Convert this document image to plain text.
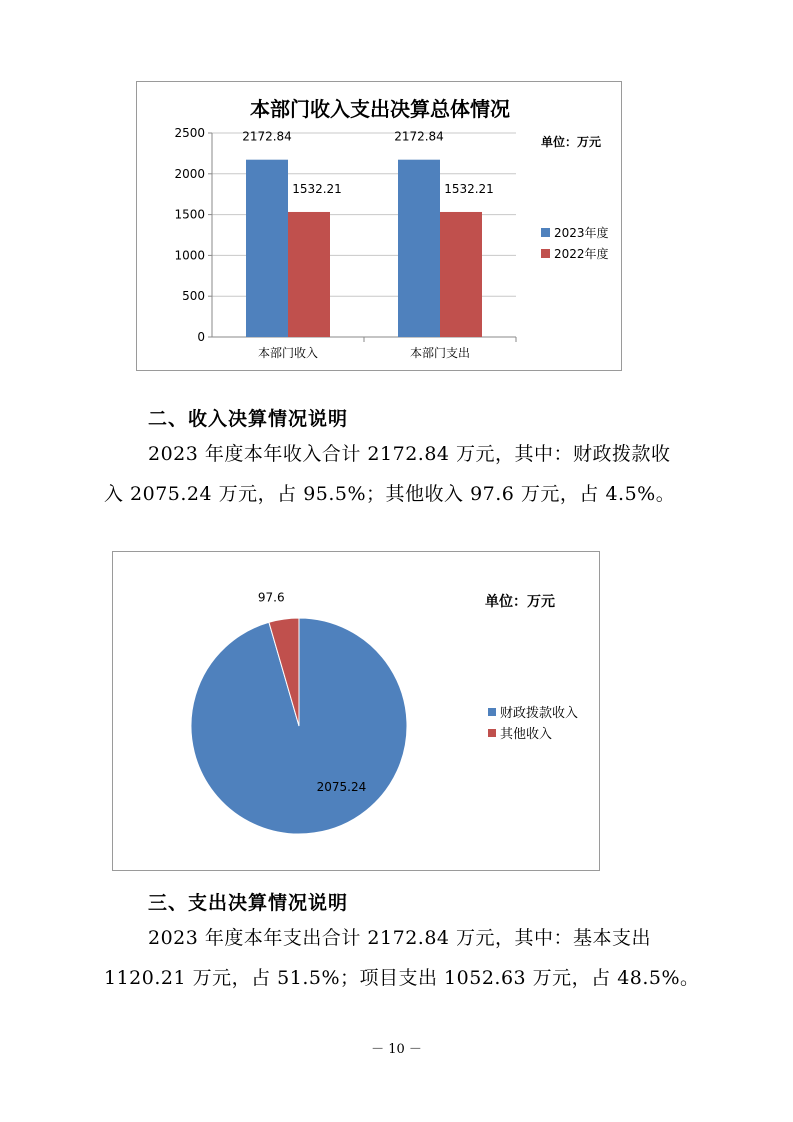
本部门收入支出决算总体情况
单位：万元
0
500
1000
1500
2000
2500	2172.84
1532.21
2172.84
1532.21
本部门收入	本部门支出
2023年度
2022年度
二、收入决算情况说明

2023 年度本年收入合计 2172.84 万元，其中：财政拨款收
入 2075.24 万元，占 95.5%；其他收入 97.6 万元，占 4.5%。

单位：万元
2075.24
97.6
财政拨款收入
其他收入
三、支出决算情况说明

2023 年度本年支出合计 2172.84 万元，其中：基本支出
1120.21 万元，占 51.5%；项目支出 1052.63 万元，占 48.5%。

－ 10 －
